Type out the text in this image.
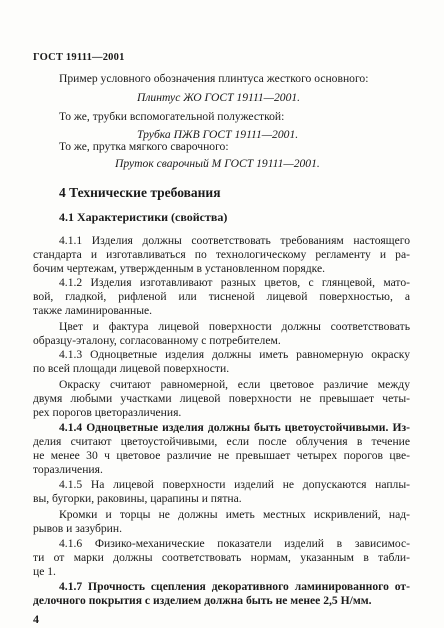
ГОСТ 19111—2001
Пример условного обозначения плинтуса жесткого основного:
Плинтус ЖО ГОСТ 19111—2001.
То же, трубки вспомогательной полужесткой:
Трубка ПЖВ ГОСТ 19111—2001.
То же, прутка мягкого сварочного:
Пруток сварочный М ГОСТ 19111—2001.
4 Технические требования
4.1 Характеристики (свойства)
4.1.1 Изделия должны соответствовать требованиям настоящего
стандарта и изготавливаться по технологическому регламенту и ра-
бочим чертежам, утвержденным в установленном порядке.
4.1.2 Изделия изготавливают разных цветов, с глянцевой, мато-
вой, гладкой, рифленой или тисненой лицевой поверхностью, а
также ламинированные.
Цвет и фактура лицевой поверхности должны соответствовать
образцу-эталону, согласованному с потребителем.
4.1.3 Одноцветные изделия должны иметь равномерную окраску
по всей площади лицевой поверхности.
Окраску считают равномерной, если цветовое различие между
двумя любыми участками лицевой поверхности не превышает четы-
рех порогов цветоразличения.
4.1.4 Одноцветные изделия должны быть цветоустойчивыми. Из-
делия считают цветоустойчивыми, если после облучения в течение
не менее 30 ч цветовое различие не превышает четырех порогов цве-
торазличения.
4.1.5 На лицевой поверхности изделий не допускаются наплы-
вы, бугорки, раковины, царапины и пятна.
Кромки и торцы не должны иметь местных искривлений, над-
рывов и зазубрин.
4.1.6 Физико-механические показатели изделий в зависимос-
ти от марки должны соответствовать нормам, указанным в табли-
це 1.
4.1.7 Прочность сцепления декоративного ламинированного от-
делочного покрытия с изделием должна быть не менее 2,5 Н/мм.
4
